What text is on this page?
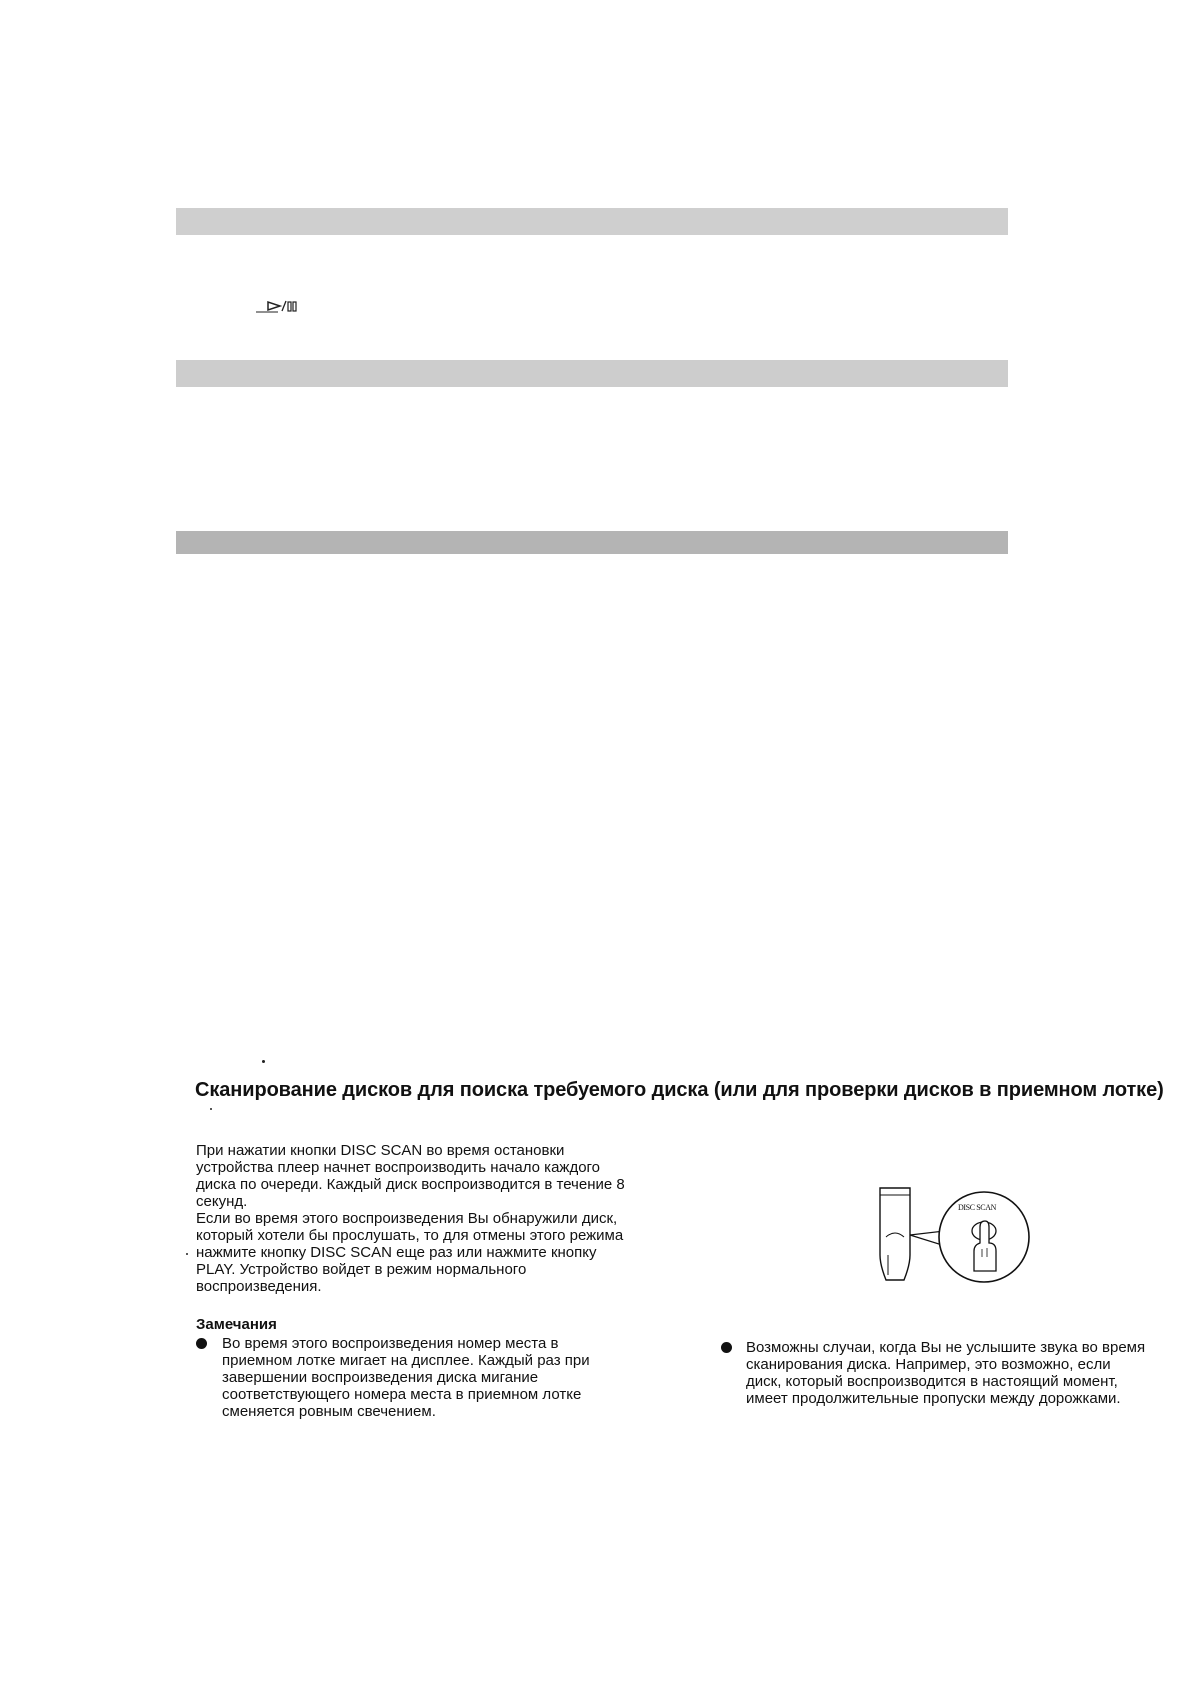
Сканирование дисков для поиска требуемого диска (или для проверки дисков в приемном лотке)
При нажатии кнопки DISC SCAN во время остановки
устройства плеер начнет воспроизводить начало каждого
диска по очереди. Каждый диск воспроизводится в течение 8
секунд.
Если во время этого воспроизведения Вы обнаружили диск,
который хотели бы прослушать, то для отмены этого режима
нажмите кнопку DISC SCAN еще раз или нажмите кнопку
PLAY. Устройство войдет в режим нормального
воспроизведения.
Замечания
Во время этого воспроизведения номер места в
приемном лотке мигает на дисплее. Каждый раз при
завершении воспроизведения диска мигание
соответствующего номера места в приемном лотке
сменяется ровным свечением.
Возможны случаи, когда Вы не услышите звука во время
сканирования диска. Например, это возможно, если
диск, который воспроизводится в настоящий момент,
имеет продолжительные пропуски между дорожками.
DISC SCAN
